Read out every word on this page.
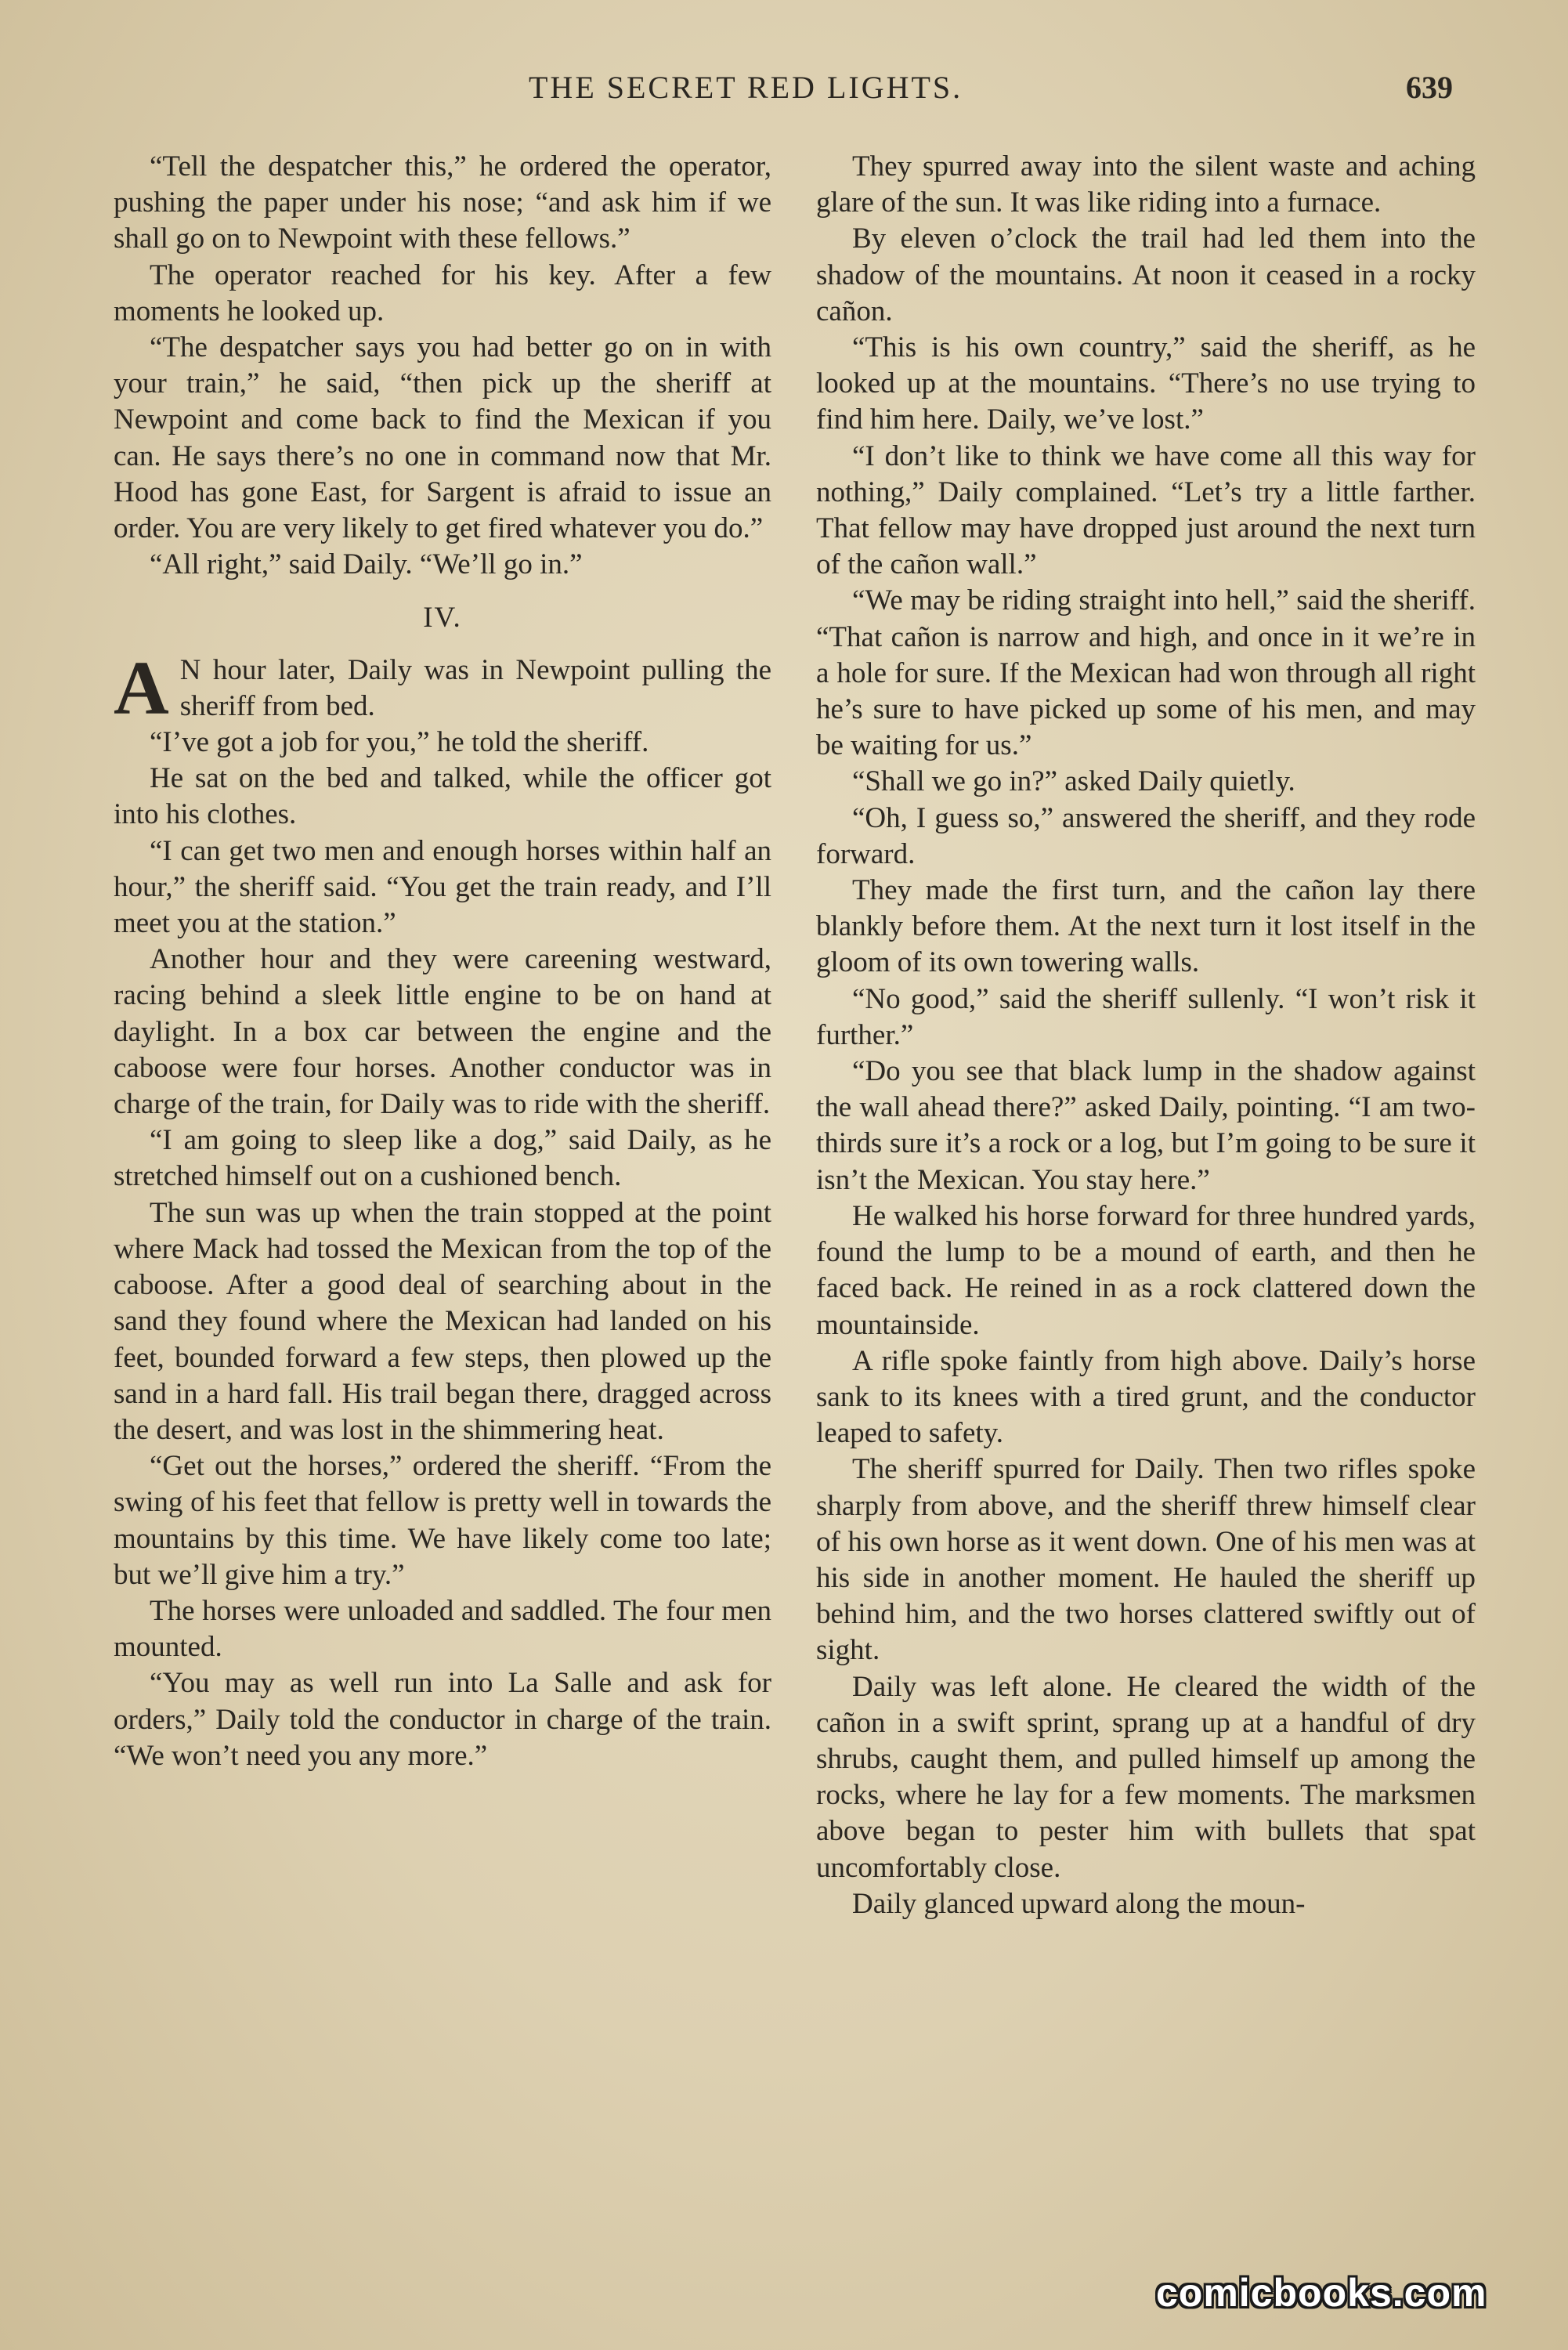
THE SECRET RED LIGHTS.	639

“Tell the despatcher this,” he ordered the operator, pushing the paper under his nose; “and ask him if we shall go on to Newpoint with these fellows.”

The operator reached for his key. After a few moments he looked up.

“The despatcher says you had better go on in with your train,” he said, “then pick up the sheriff at Newpoint and come back to find the Mexican if you can. He says there’s no one in command now that Mr. Hood has gone East, for Sargent is afraid to issue an order. You are very likely to get fired whatever you do.”

“All right,” said Daily. “We’ll go in.”

IV.

A N hour later, Daily was in Newpoint pulling the sheriff from bed.

“I’ve got a job for you,” he told the sheriff.

He sat on the bed and talked, while the officer got into his clothes.

“I can get two men and enough horses within half an hour,” the sheriff said. “You get the train ready, and I’ll meet you at the station.”

Another hour and they were careening westward, racing behind a sleek little engine to be on hand at daylight. In a box car between the engine and the caboose were four horses. Another conductor was in charge of the train, for Daily was to ride with the sheriff.

“I am going to sleep like a dog,” said Daily, as he stretched himself out on a cushioned bench.

The sun was up when the train stopped at the point where Mack had tossed the Mexican from the top of the caboose. After a good deal of searching about in the sand they found where the Mexican had landed on his feet, bounded forward a few steps, then plowed up the sand in a hard fall. His trail began there, dragged across the desert, and was lost in the shimmering heat.

“Get out the horses,” ordered the sheriff. “From the swing of his feet that fellow is pretty well in towards the mountains by this time. We have likely come too late; but we’ll give him a try.”

The horses were unloaded and saddled. The four men mounted.

“You may as well run into La Salle and ask for orders,” Daily told the conductor in charge of the train. “We won’t need you any more.”

They spurred away into the silent waste and aching glare of the sun. It was like riding into a furnace.

By eleven o’clock the trail had led them into the shadow of the mountains. At noon it ceased in a rocky cañon.

“This is his own country,” said the sheriff, as he looked up at the mountains. “There’s no use trying to find him here. Daily, we’ve lost.”

“I don’t like to think we have come all this way for nothing,” Daily complained. “Let’s try a little farther. That fellow may have dropped just around the next turn of the cañon wall.”

“We may be riding straight into hell,” said the sheriff. “That cañon is narrow and high, and once in it we’re in a hole for sure. If the Mexican had won through all right he’s sure to have picked up some of his men, and may be waiting for us.”

“Shall we go in?” asked Daily quietly.

“Oh, I guess so,” answered the sheriff, and they rode forward.

They made the first turn, and the cañon lay there blankly before them. At the next turn it lost itself in the gloom of its own towering walls.

“No good,” said the sheriff sullenly. “I won’t risk it further.”

“Do you see that black lump in the shadow against the wall ahead there?” asked Daily, pointing. “I am two-thirds sure it’s a rock or a log, but I’m going to be sure it isn’t the Mexican. You stay here.”

He walked his horse forward for three hundred yards, found the lump to be a mound of earth, and then he faced back. He reined in as a rock clattered down the mountainside.

A rifle spoke faintly from high above. Daily’s horse sank to its knees with a tired grunt, and the conductor leaped to safety.

The sheriff spurred for Daily. Then two rifles spoke sharply from above, and the sheriff threw himself clear of his own horse as it went down. One of his men was at his side in another moment. He hauled the sheriff up behind him, and the two horses clattered swiftly out of sight.

Daily was left alone. He cleared the width of the cañon in a swift sprint, sprang up at a handful of dry shrubs, caught them, and pulled himself up among the rocks, where he lay for a few moments. The marksmen above began to pester him with bullets that spat uncomfortably close.

Daily glanced upward along the moun-

comicbooks.com
